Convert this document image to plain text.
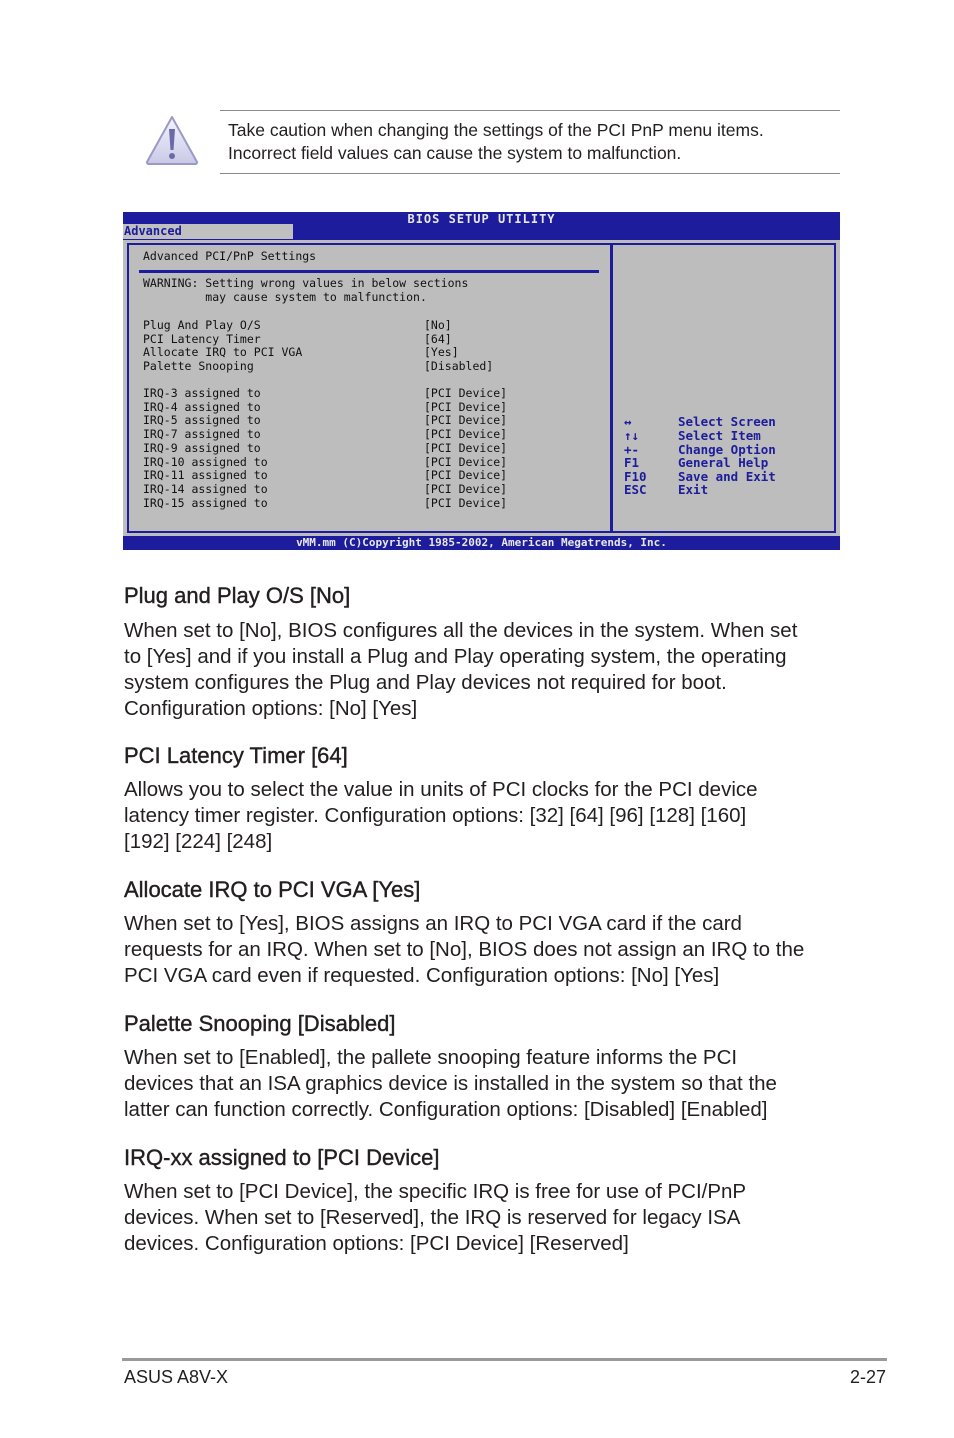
Take caution when changing the settings of the PCI PnP menu items.
Incorrect field values can cause the system to malfunction.
BIOS SETUP UTILITY
Advanced
Advanced PCI/PnP Settings
WARNING: Setting wrong values in below sections
may cause system to malfunction.
Plug And Play O/S	[No]
PCI Latency Timer	[64]
Allocate IRQ to PCI VGA	[Yes]
Palette Snooping	[Disabled]
IRQ-3 assigned to	[PCI Device]
IRQ-4 assigned to	[PCI Device]
IRQ-5 assigned to	[PCI Device]
IRQ-7 assigned to	[PCI Device]
IRQ-9 assigned to	[PCI Device]
IRQ-10 assigned to	[PCI Device]
IRQ-11 assigned to	[PCI Device]
IRQ-14 assigned to	[PCI Device]
IRQ-15 assigned to	[PCI Device]
↔	Select Screen
↑↓	Select Item
+-	Change Option
F1	General Help
F10	Save and Exit
ESC	Exit
vMM.mm (C)Copyright 1985-2002, American Megatrends, Inc.
Plug and Play O/S [No]
When set to [No], BIOS configures all the devices in the system. When set
to [Yes] and if you install a Plug and Play operating system, the operating
system configures the Plug and Play devices not required for boot.
Configuration options: [No] [Yes]
PCI Latency Timer [64]
Allows you to select the value in units of PCI clocks for the PCI device
latency timer register. Configuration options: [32] [64] [96] [128] [160]
[192] [224] [248]
Allocate IRQ to PCI VGA [Yes]
When set to [Yes], BIOS assigns an IRQ to PCI VGA card if the card
requests for an IRQ. When set to [No], BIOS does not assign an IRQ to the
PCI VGA card even if requested. Configuration options: [No] [Yes]
Palette Snooping [Disabled]
When set to [Enabled], the pallete snooping feature informs the PCI
devices that an ISA graphics device is installed in the system so that the
latter can function correctly. Configuration options: [Disabled] [Enabled]
IRQ-xx assigned to [PCI Device]
When set to [PCI Device], the specific IRQ is free for use of PCI/PnP
devices. When set to [Reserved], the IRQ is reserved for legacy ISA
devices. Configuration options: [PCI Device] [Reserved]
ASUS A8V-X	2-27
